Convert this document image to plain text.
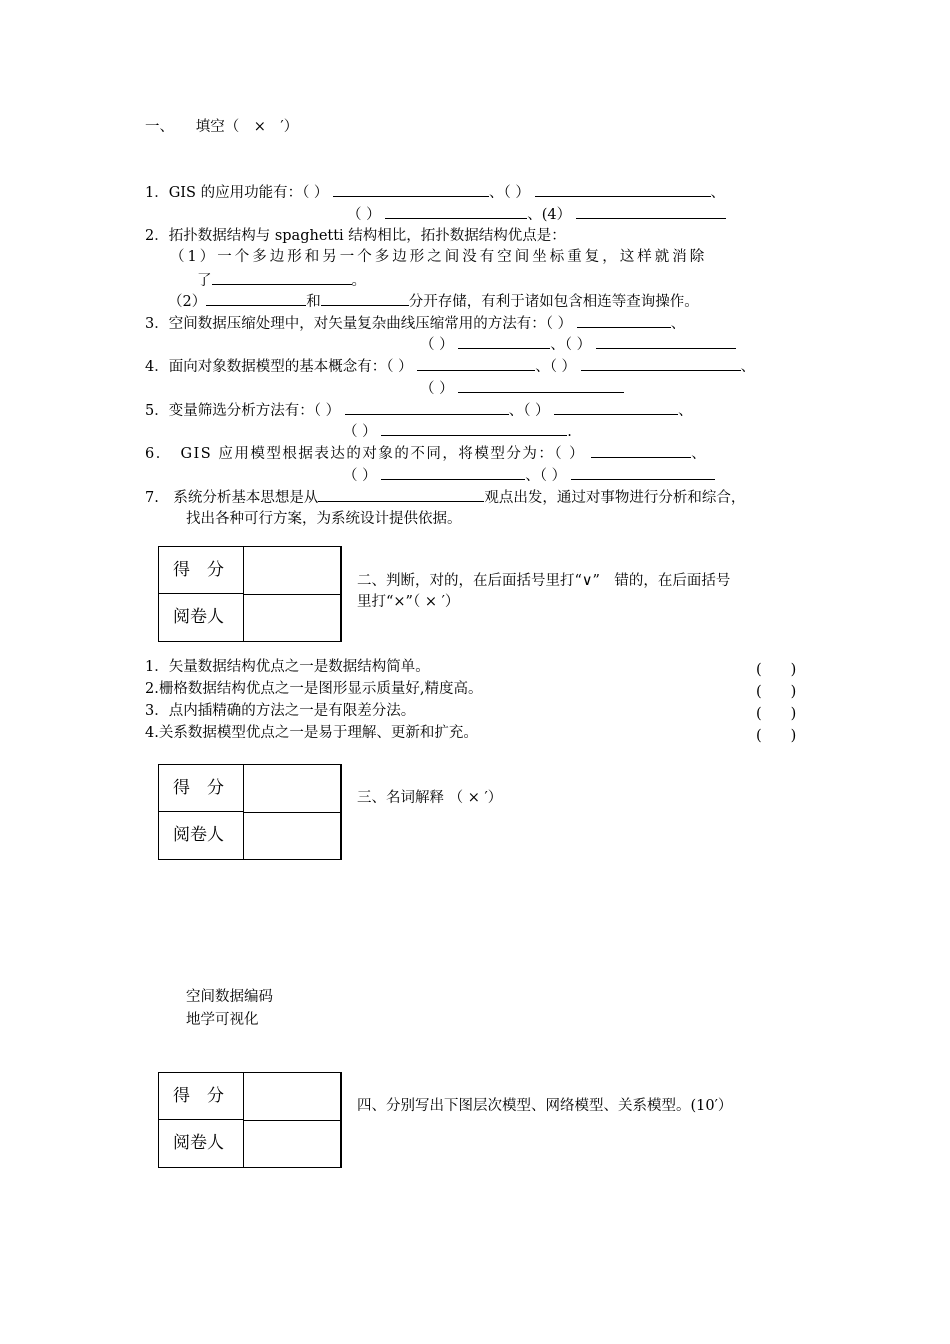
一、　　填空（　×　′）
1．GIS 的应用功能有：（ ）	、（ ）	、
（ ）	、(4）
2．拓扑数据结构与 spaghetti 结构相比，拓扑数据结构优点是：
（1）一个多边形和另一个多边形之间没有空间坐标重复，这样就消除
了	。
（2）	和	分开存储，有利于诸如包含相连等查询操作。
3．空间数据压缩处理中，对矢量复杂曲线压缩常用的方法有：（ ）	、
（ ）	、（ ）
4．面向对象数据模型的基本概念有：（ ）	、（ ）	、
（ ）
5．变量筛选分析方法有：（ ）	、（ ）	、
（ ）	.
6．　GIS 应用模型根据表达的对象的不同，将模型分为：（ ）	、
（ ）	、（ ）
7.　系统分析基本思想是从	观点出发，通过对事物进行分析和综合，
找出各种可行方案，为系统设计提供依据。
得　分
阅卷人
二、判断，对的，在后面括号里打“∨”　错的，在后面括号
里打“×”（ × ′）
1．矢量数据结构优点之一是数据结构简单。	(　　)
2.栅格数据结构优点之一是图形显示质量好,精度高。	(　　)
3．点内插精确的方法之一是有限差分法。	(　　)
4.关系数据模型优点之一是易于理解、更新和扩充。	(　　)
得　分
阅卷人
三、名词解释 （ × ′）
空间数据编码
地学可视化
得　分
阅卷人
四、分别写出下图层次模型、网络模型、关系模型。(10′）
